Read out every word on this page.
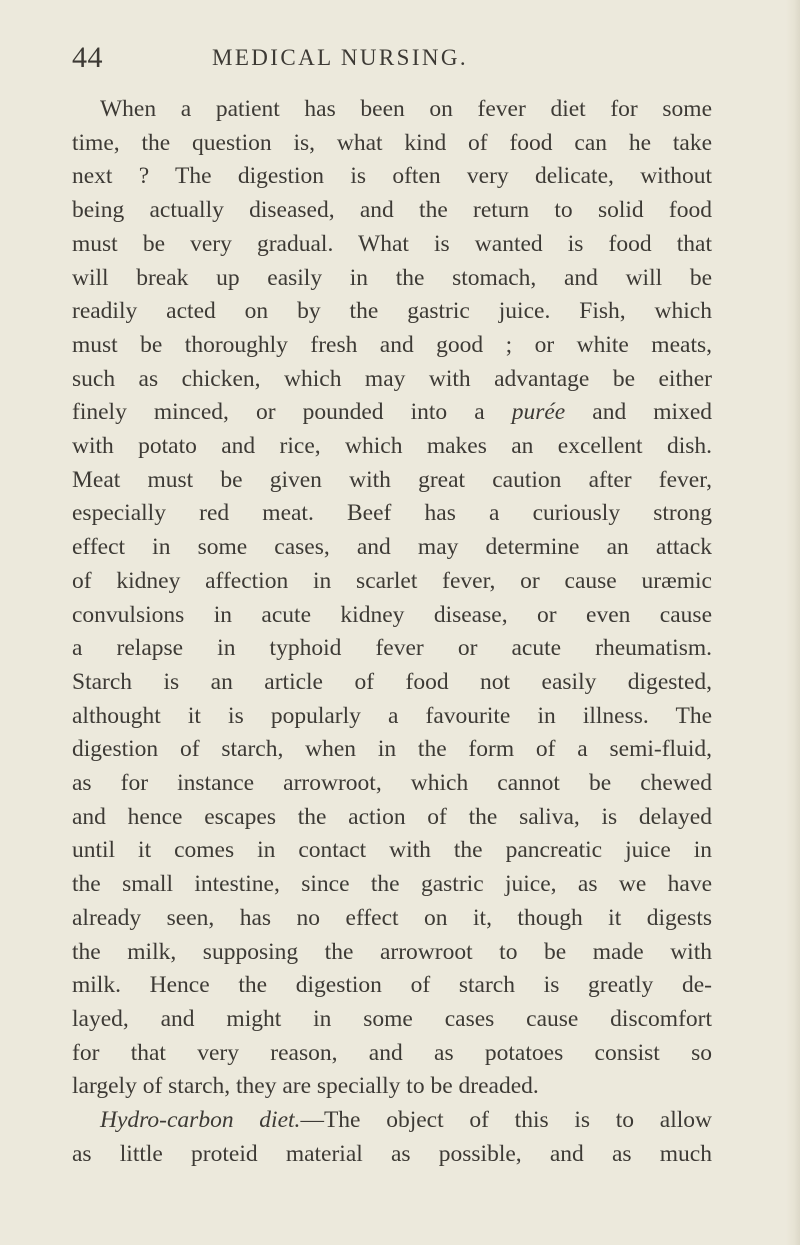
44	MEDICAL NURSING.
When a patient has been on fever diet for some
time, the question is, what kind of food can he take
next ? The digestion is often very delicate, without
being actually diseased, and the return to solid food
must be very gradual. What is wanted is food that
will break up easily in the stomach, and will be
readily acted on by the gastric juice. Fish, which
must be thoroughly fresh and good ; or white meats,
such as chicken, which may with advantage be either
finely minced, or pounded into a purée and mixed
with potato and rice, which makes an excellent dish.
Meat must be given with great caution after fever,
especially red meat. Beef has a curiously strong
effect in some cases, and may determine an attack
of kidney affection in scarlet fever, or cause uræmic
convulsions in acute kidney disease, or even cause
a relapse in typhoid fever or acute rheumatism.
Starch is an article of food not easily digested,
althought it is popularly a favourite in illness. The
digestion of starch, when in the form of a semi-fluid,
as for instance arrowroot, which cannot be chewed
and hence escapes the action of the saliva, is delayed
until it comes in contact with the pancreatic juice in
the small intestine, since the gastric juice, as we have
already seen, has no effect on it, though it digests
the milk, supposing the arrowroot to be made with
milk. Hence the digestion of starch is greatly de-
layed, and might in some cases cause discomfort
for that very reason, and as potatoes consist so
largely of starch, they are specially to be dreaded.
Hydro-carbon diet.—The object of this is to allow
as little proteid material as possible, and as much
